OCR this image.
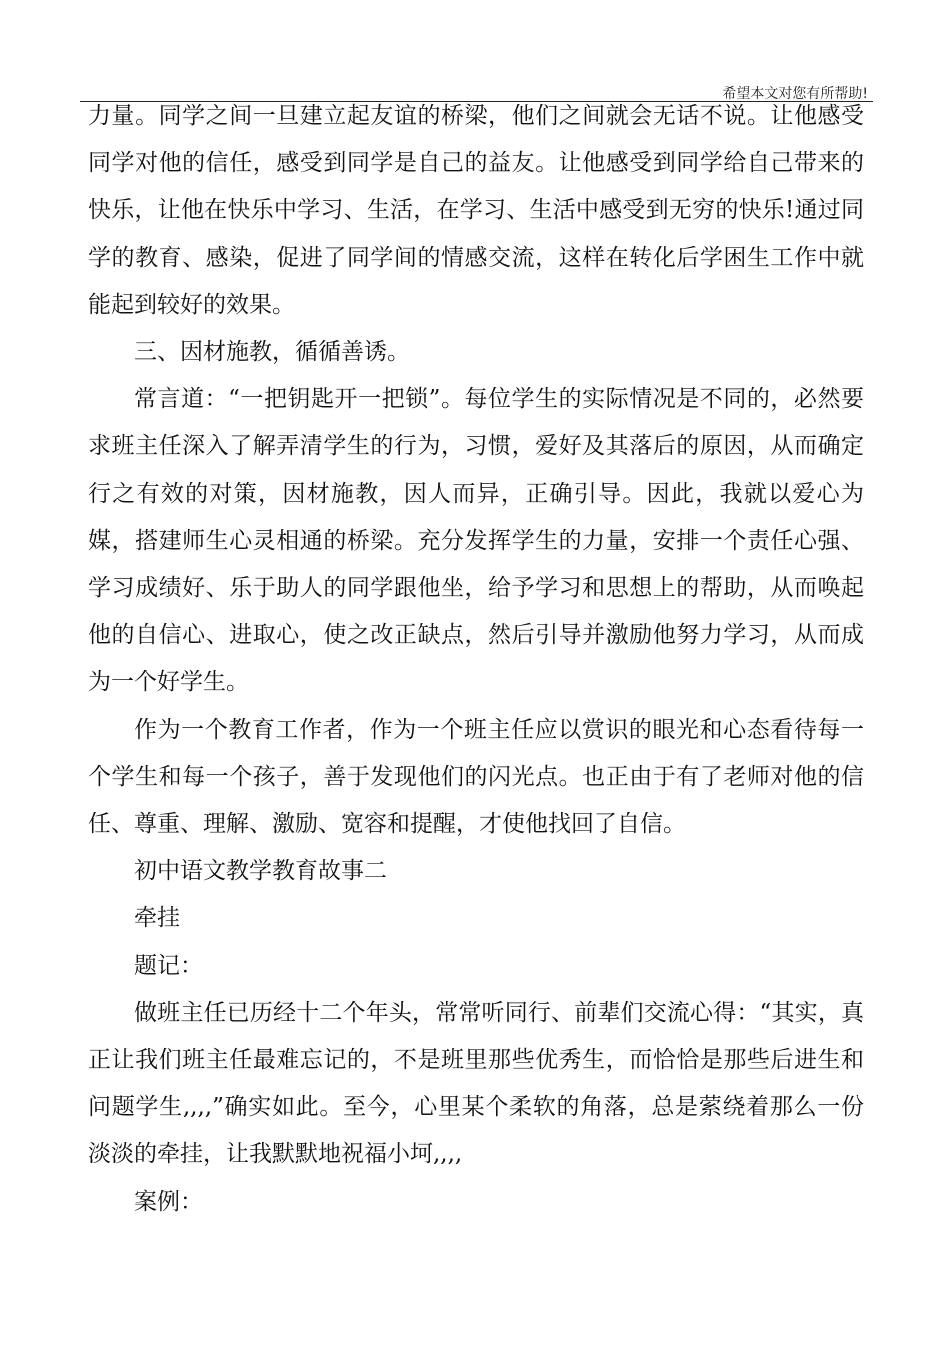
希望本文对您有所帮助!

力量。同学之间一旦建立起友谊的桥梁，他们之间就会无话不说。让他感受同学对他的信任，感受到同学是自己的益友。让他感受到同学给自己带来的快乐，让他在快乐中学习、生活，在学习、生活中感受到无穷的快乐!通过同学的教育、感染，促进了同学间的情感交流，这样在转化后学困生工作中就能起到较好的效果。

三、因材施教，循循善诱。

常言道：“一把钥匙开一把锁”。每位学生的实际情况是不同的，必然要求班主任深入了解弄清学生的行为，习惯，爱好及其落后的原因，从而确定行之有效的对策，因材施教，因人而异，正确引导。因此，我就以爱心为媒，搭建师生心灵相通的桥梁。充分发挥学生的力量，安排一个责任心强、学习成绩好、乐于助人的同学跟他坐，给予学习和思想上的帮助，从而唤起他的自信心、进取心，使之改正缺点，然后引导并激励他努力学习，从而成为一个好学生。

作为一个教育工作者，作为一个班主任应以赏识的眼光和心态看待每一个学生和每一个孩子，善于发现他们的闪光点。也正由于有了老师对他的信任、尊重、理解、激励、宽容和提醒，才使他找回了自信。

初中语文教学教育故事二

牵挂

题记：

做班主任已历经十二个年头，常常听同行、前辈们交流心得：“其实，真正让我们班主任最难忘记的，不是班里那些优秀生，而恰恰是那些后进生和问题学生,,,,”确实如此。至今，心里某个柔软的角落，总是萦绕着那么一份淡淡的牵挂，让我默默地祝福小坷,,,,

案例：
